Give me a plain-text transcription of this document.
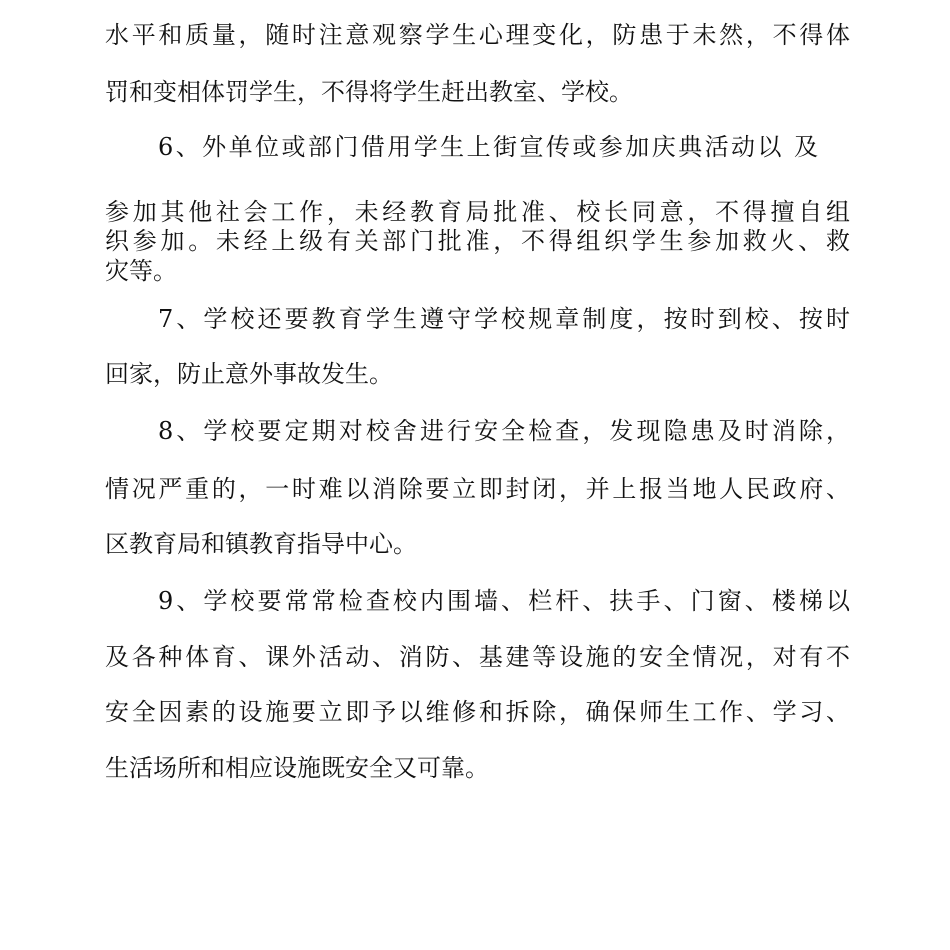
水平和质量，随时注意观察学生心理变化，防患于未然，不得体
罚和变相体罚学生，不得将学生赶出教室、学校。
6、外单位或部门借用学生上街宣传或参加庆典活动以 及
参加其他社会工作，未经教育局批准、校长同意，不得擅自组
织参加。未经上级有关部门批准，不得组织学生参加救火、救
灾等。
7、学校还要教育学生遵守学校规章制度，按时到校、按时
回家，防止意外事故发生。
8、学校要定期对校舍进行安全检查，发现隐患及时消除，
情况严重的，一时难以消除要立即封闭，并上报当地人民政府、
区教育局和镇教育指导中心。
9、学校要常常检查校内围墙、栏杆、扶手、门窗、楼梯以
及各种体育、课外活动、消防、基建等设施的安全情况，对有不
安全因素的设施要立即予以维修和拆除，确保师生工作、学习、
生活场所和相应设施既安全又可靠。
